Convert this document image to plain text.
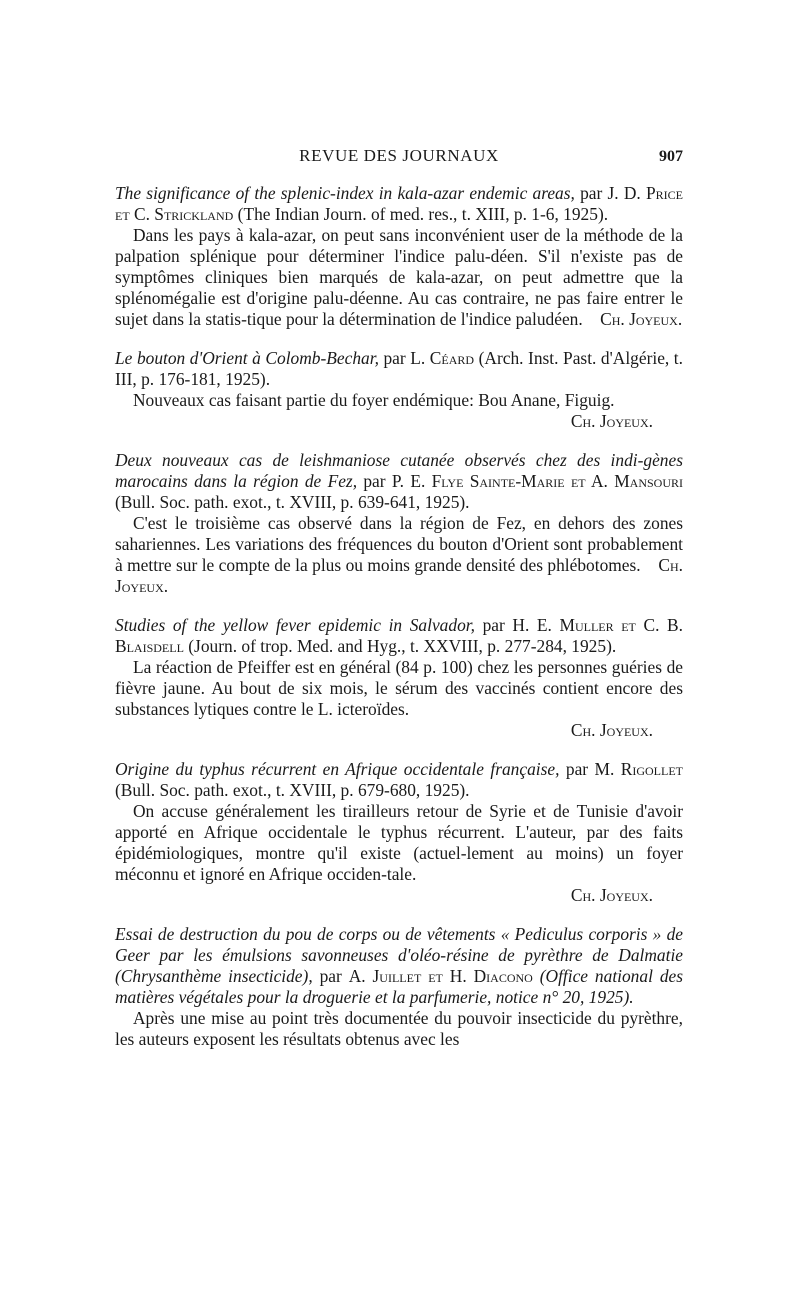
REVUE DES JOURNAUX	907
The significance of the splenic-index in kala-azar endemic areas, par J. D. Price et C. Strickland (The Indian Journ. of med. res., t. XIII, p. 1-6, 1925).
Dans les pays à kala-azar, on peut sans inconvénient user de la méthode de la palpation splénique pour déterminer l'indice palu-déen. S'il n'existe pas de symptômes cliniques bien marqués de kala-azar, on peut admettre que la splénomégalie est d'origine palu-déenne. Au cas contraire, ne pas faire entrer le sujet dans la statis-tique pour la détermination de l'indice paludéen. Ch. Joyeux.
Le bouton d'Orient à Colomb-Bechar, par L. Céard (Arch. Inst. Past. d'Algérie, t. III, p. 176-181, 1925).
Nouveaux cas faisant partie du foyer endémique: Bou Anane, Figuig.
Ch. Joyeux.
Deux nouveaux cas de leishmaniose cutanée observés chez des indi-gènes marocains dans la région de Fez, par P. E. Flye Sainte-Marie et A. Mansouri (Bull. Soc. path. exot., t. XVIII, p. 639-641, 1925).
C'est le troisième cas observé dans la région de Fez, en dehors des zones sahariennes. Les variations des fréquences du bouton d'Orient sont probablement à mettre sur le compte de la plus ou moins grande densité des phlébotomes. Ch. Joyeux.
Studies of the yellow fever epidemic in Salvador, par H. E. Muller et C. B. Blaisdell (Journ. of trop. Med. and Hyg., t. XXVIII, p. 277-284, 1925).
La réaction de Pfeiffer est en général (84 p. 100) chez les personnes guéries de fièvre jaune. Au bout de six mois, le sérum des vaccinés contient encore des substances lytiques contre le L. icteroïdes.
Ch. Joyeux.
Origine du typhus récurrent en Afrique occidentale française, par M. Rigollet (Bull. Soc. path. exot., t. XVIII, p. 679-680, 1925).
On accuse généralement les tirailleurs retour de Syrie et de Tunisie d'avoir apporté en Afrique occidentale le typhus récurrent. L'auteur, par des faits épidémiologiques, montre qu'il existe (actuel-lement au moins) un foyer méconnu et ignoré en Afrique occiden-tale.
Ch. Joyeux.
Essai de destruction du pou de corps ou de vêtements « Pediculus corporis » de Geer par les émulsions savonneuses d'oléo-résine de pyrèthre de Dalmatie (Chrysanthème insecticide), par A. Juillet et H. Diacono (Office national des matières végétales pour la droguerie et la parfumerie, notice n° 20, 1925).
Après une mise au point très documentée du pouvoir insecticide du pyrèthre, les auteurs exposent les résultats obtenus avec les
